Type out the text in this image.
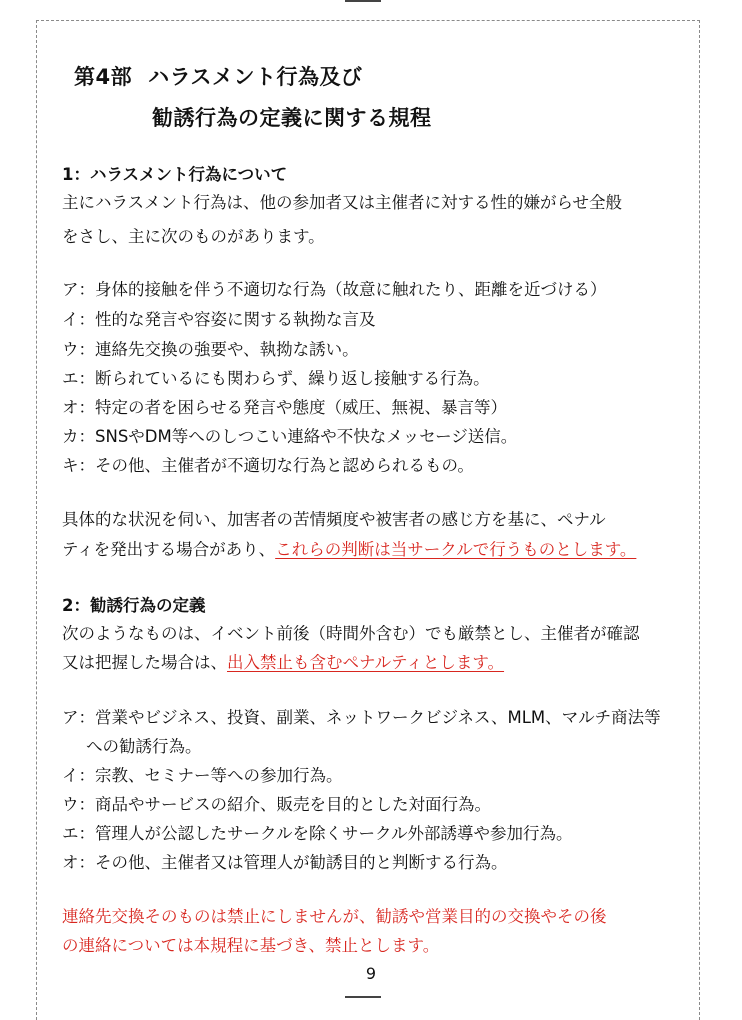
第4部 ハラスメント行為及び
勧誘行為の定義に関する規程
1：ハラスメント行為について
主にハラスメント行為は、他の参加者又は主催者に対する性的嫌がらせ全般
をさし、主に次のものがあります。
ア：身体的接触を伴う不適切な行為（故意に触れたり、距離を近づける）
イ：性的な発言や容姿に関する執拗な言及
ウ：連絡先交換の強要や、執拗な誘い。
エ：断られているにも関わらず、繰り返し接触する行為。
オ：特定の者を困らせる発言や態度（威圧、無視、暴言等）
カ：SNSやDM等へのしつこい連絡や不快なメッセージ送信。
キ：その他、主催者が不適切な行為と認められるもの。
具体的な状況を伺い、加害者の苦情頻度や被害者の感じ方を基に、ペナル
ティを発出する場合があり、これらの判断は当サークルで行うものとします。
2：勧誘行為の定義
次のようなものは、イベント前後（時間外含む）でも厳禁とし、主催者が確認
又は把握した場合は、出入禁止も含むペナルティとします。
ア：営業やビジネス、投資、副業、ネットワークビジネス、MLM、マルチ商法等
への勧誘行為。
イ：宗教、セミナー等への参加行為。
ウ：商品やサービスの紹介、販売を目的とした対面行為。
エ：管理人が公認したサークルを除くサークル外部誘導や参加行為。
オ：その他、主催者又は管理人が勧誘目的と判断する行為。
連絡先交換そのものは禁止にしませんが、勧誘や営業目的の交換やその後
の連絡については本規程に基づき、禁止とします。
9
